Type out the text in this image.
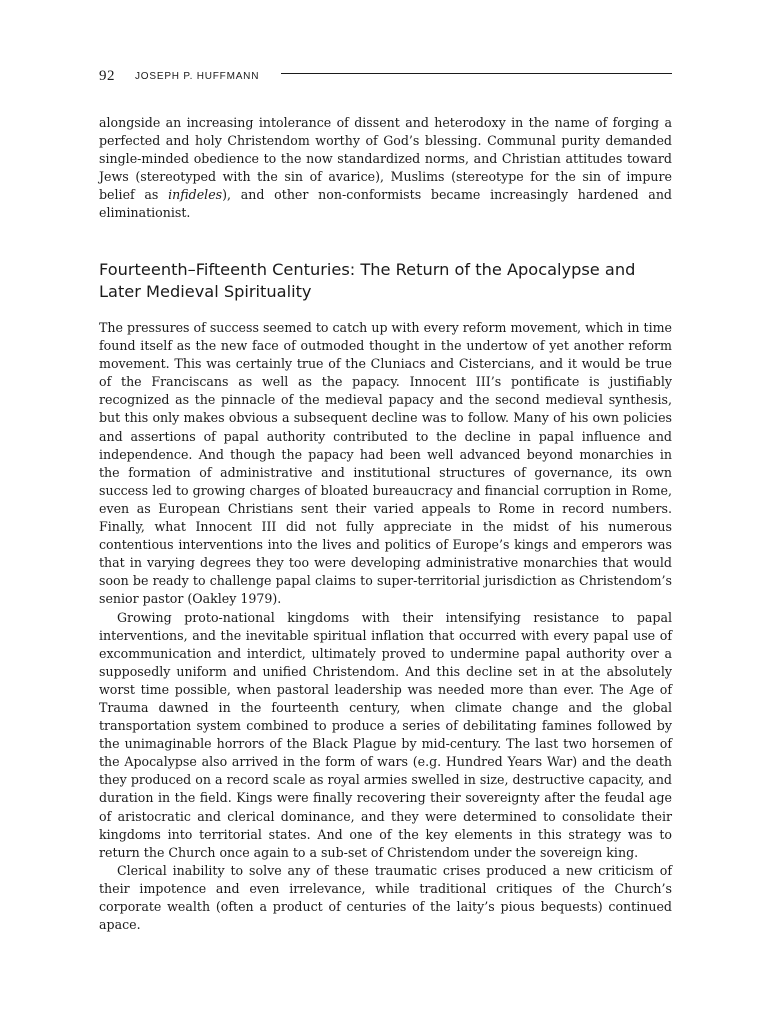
92 JOSEPH P. HUFFMANN

alongside an increasing intolerance of dissent and heterodoxy in the name of forging a perfected and holy Christendom worthy of God’s blessing. Communal purity demanded single-minded obedience to the now standardized norms, and Christian attitudes toward Jews (stereotyped with the sin of avarice), Muslims (stereotype for the sin of impure belief as infideles), and other non-conformists became increasingly hardened and eliminationist.

Fourteenth–Fifteenth Centuries: The Return of the Apocalypse and Later Medieval Spirituality

The pressures of success seemed to catch up with every reform movement, which in time found itself as the new face of outmoded thought in the undertow of yet another reform movement. This was certainly true of the Cluniacs and Cistercians, and it would be true of the Franciscans as well as the papacy. Innocent III’s pontificate is justifiably recognized as the pinnacle of the medieval papacy and the second medieval synthesis, but this only makes obvious a subsequent decline was to follow. Many of his own policies and assertions of papal authority contributed to the decline in papal influence and independence. And though the papacy had been well advanced beyond monarchies in the formation of administrative and institutional structures of governance, its own success led to growing charges of bloated bureaucracy and financial corruption in Rome, even as European Christians sent their varied appeals to Rome in record numbers. Finally, what Innocent III did not fully appreciate in the midst of his numerous contentious interventions into the lives and politics of Europe’s kings and emperors was that in varying degrees they too were developing administrative monarchies that would soon be ready to challenge papal claims to super-territorial jurisdiction as Christendom’s senior pastor (Oakley 1979).

Growing proto-national kingdoms with their intensifying resistance to papal interventions, and the inevitable spiritual inflation that occurred with every papal use of excommunication and interdict, ultimately proved to undermine papal authority over a supposedly uniform and unified Christendom. And this decline set in at the absolutely worst time possible, when pastoral leadership was needed more than ever. The Age of Trauma dawned in the fourteenth century, when climate change and the global transportation system combined to produce a series of debilitating famines followed by the unimaginable horrors of the Black Plague by mid-century. The last two horsemen of the Apocalypse also arrived in the form of wars (e.g. Hundred Years War) and the death they produced on a record scale as royal armies swelled in size, destructive capacity, and duration in the field. Kings were finally recovering their sovereignty after the feudal age of aristocratic and clerical dominance, and they were determined to consolidate their kingdoms into territorial states. And one of the key elements in this strategy was to return the Church once again to a sub-set of Christendom under the sovereign king.

Clerical inability to solve any of these traumatic crises produced a new criticism of their impotence and even irrelevance, while traditional critiques of the Church’s corporate wealth (often a product of centuries of the laity’s pious bequests) continued apace.
